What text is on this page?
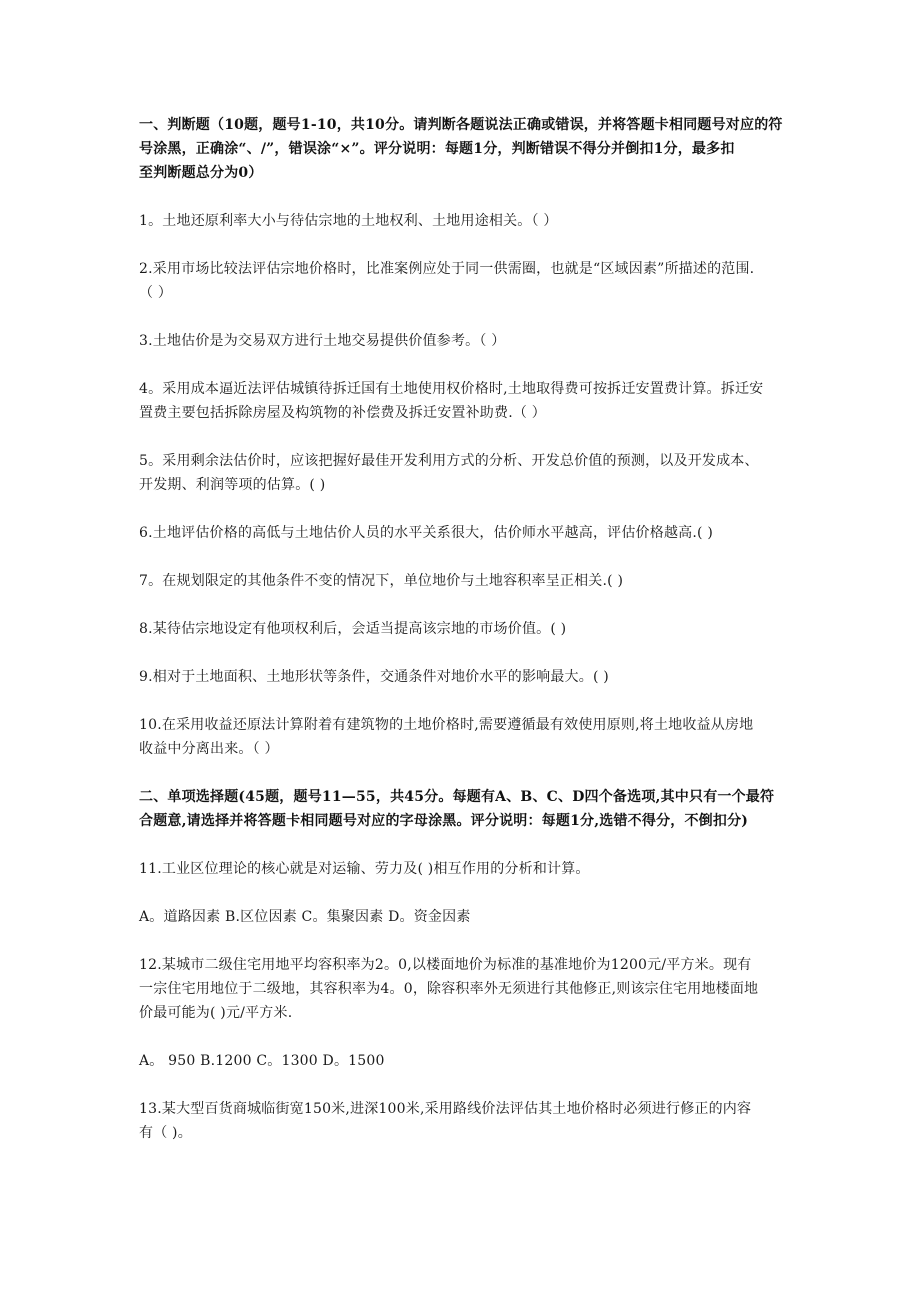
一、判断题（10题，题号1-10，共10分。请判断各题说法正确或错误，并将答题卡相同题号对应的符
号涂黑，正确涂“、/”，错误涂“×”。评分说明：每题1分，判断错误不得分并倒扣1分，最多扣
至判断题总分为0）
1。土地还原利率大小与待估宗地的土地权利、土地用途相关。（ ）
2.采用市场比较法评估宗地价格时，比准案例应处于同一供需圈，也就是“区域因素”所描述的范围.
（ ）
3.土地估价是为交易双方进行土地交易提供价值参考。（ ）
4。采用成本逼近法评估城镇待拆迁国有土地使用权价格时,土地取得费可按拆迁安置费计算。拆迁安
置费主要包括拆除房屋及构筑物的补偿费及拆迁安置补助费.（ ）
5。采用剩余法估价时，应该把握好最佳开发利用方式的分析、开发总价值的预测，以及开发成本、
开发期、利润等项的估算。( )
6.土地评估价格的高低与土地估价人员的水平关系很大，估价师水平越高，评估价格越高.( )
7。在规划限定的其他条件不变的情况下，单位地价与土地容积率呈正相关.( )
8.某待估宗地设定有他项权利后，会适当提高该宗地的市场价值。( )
9.相对于土地面积、土地形状等条件，交通条件对地价水平的影响最大。( )
10.在采用收益还原法计算附着有建筑物的土地价格时,需要遵循最有效使用原则,将土地收益从房地
收益中分离出来。（ ）
二、单项选择题(45题，题号11—55，共45分。每题有A、B、C、D四个备选项,其中只有一个最符
合题意,请选择并将答题卡相同题号对应的字母涂黑。评分说明：每题1分,选错不得分，不倒扣分)
11.工业区位理论的核心就是对运输、劳力及( )相互作用的分析和计算。
A。道路因素 B.区位因素 C。集聚因素 D。资金因素
12.某城市二级住宅用地平均容积率为2。0,以楼面地价为标准的基准地价为1200元/平方米。现有
一宗住宅用地位于二级地，其容积率为4。0，除容积率外无须进行其他修正,则该宗住宅用地楼面地
价最可能为( )元/平方米.
A。 950 B.1200 C。1300 D。1500
13.某大型百货商城临街宽150米,进深100米,采用路线价法评估其土地价格时必须进行修正的内容
有（ )。
